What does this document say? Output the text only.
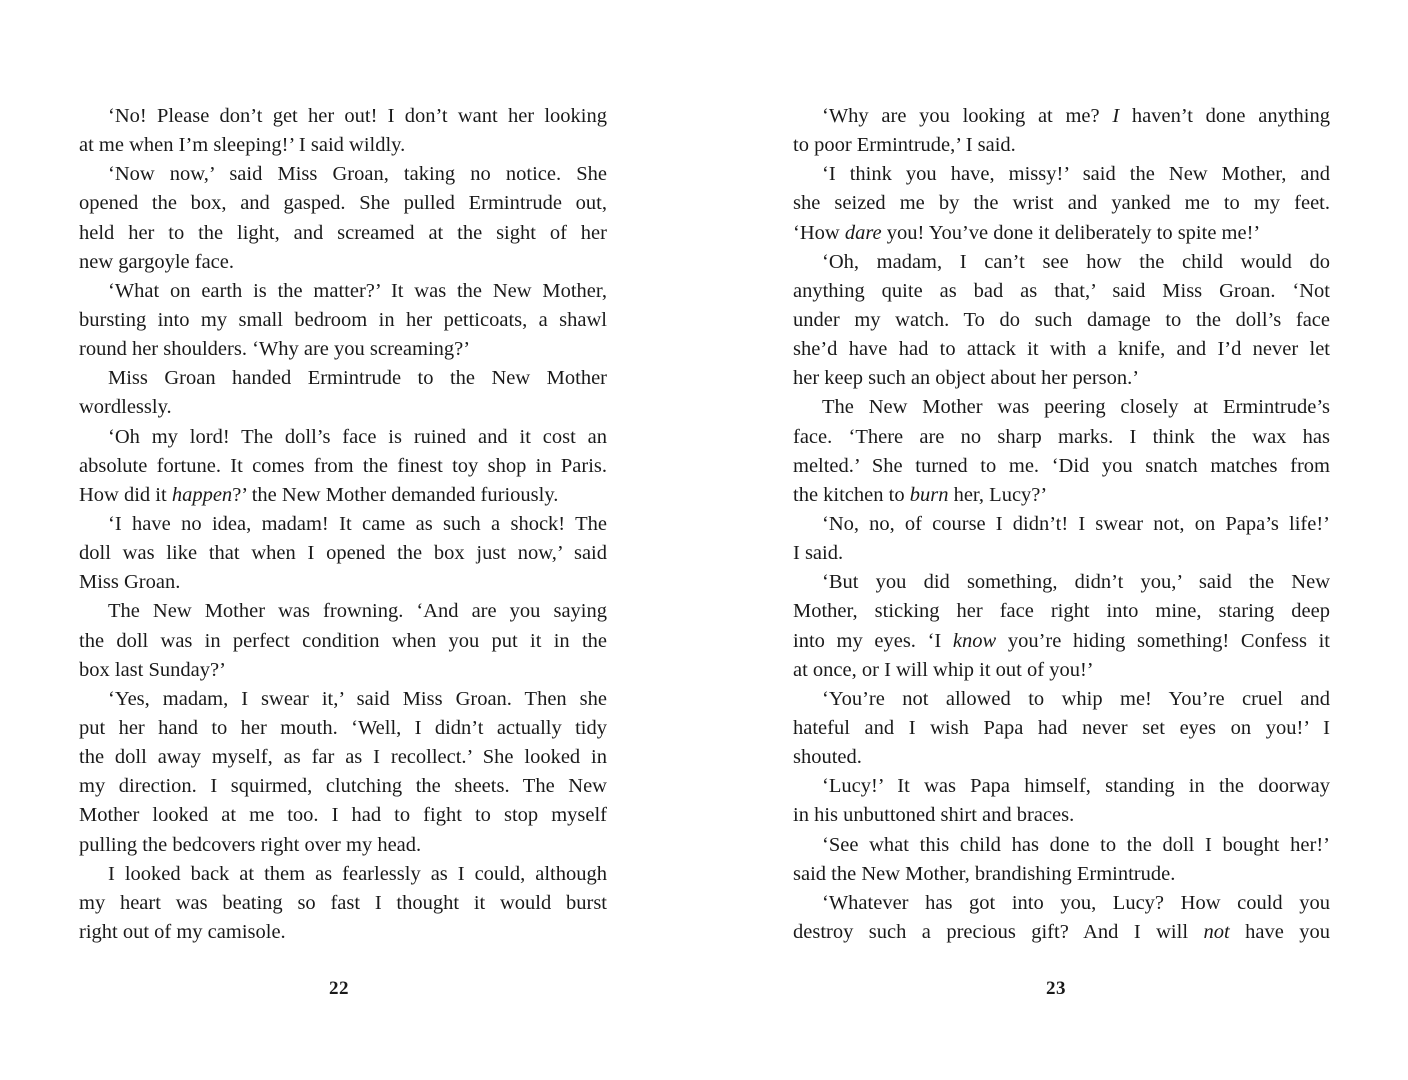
‘No! Please don’t get her out! I don’t want her looking
at me when I’m sleeping!’ I said wildly.
‘Now now,’ said Miss Groan, taking no notice. She
opened the box, and gasped. She pulled Ermintrude out,
held her to the light, and screamed at the sight of her
new gargoyle face.
‘What on earth is the matter?’ It was the New Mother,
bursting into my small bedroom in her petticoats, a shawl
round her shoulders. ‘Why are you screaming?’
Miss Groan handed Ermintrude to the New Mother
wordlessly.
‘Oh my lord! The doll’s face is ruined and it cost an
absolute fortune. It comes from the finest toy shop in Paris.
How did it happen?’ the New Mother demanded furiously.
‘I have no idea, madam! It came as such a shock! The
doll was like that when I opened the box just now,’ said
Miss Groan.
The New Mother was frowning. ‘And are you saying
the doll was in perfect condition when you put it in the
box last Sunday?’
‘Yes, madam, I swear it,’ said Miss Groan. Then she
put her hand to her mouth. ‘Well, I didn’t actually tidy
the doll away myself, as far as I recollect.’ She looked in
my direction. I squirmed, clutching the sheets. The New
Mother looked at me too. I had to fight to stop myself
pulling the bedcovers right over my head.
I looked back at them as fearlessly as I could, although
my heart was beating so fast I thought it would burst
right out of my camisole.
22
‘Why are you looking at me? I haven’t done anything
to poor Ermintrude,’ I said.
‘I think you have, missy!’ said the New Mother, and
she seized me by the wrist and yanked me to my feet.
‘How dare you! You’ve done it deliberately to spite me!’
‘Oh, madam, I can’t see how the child would do
anything quite as bad as that,’ said Miss Groan. ‘Not
under my watch. To do such damage to the doll’s face
she’d have had to attack it with a knife, and I’d never let
her keep such an object about her person.’
The New Mother was peering closely at Ermintrude’s
face. ‘There are no sharp marks. I think the wax has
melted.’ She turned to me. ‘Did you snatch matches from
the kitchen to burn her, Lucy?’
‘No, no, of course I didn’t! I swear not, on Papa’s life!’
I said.
‘But you did something, didn’t you,’ said the New
Mother, sticking her face right into mine, staring deep
into my eyes. ‘I know you’re hiding something! Confess it
at once, or I will whip it out of you!’
‘You’re not allowed to whip me! You’re cruel and
hateful and I wish Papa had never set eyes on you!’ I
shouted.
‘Lucy!’ It was Papa himself, standing in the doorway
in his unbuttoned shirt and braces.
‘See what this child has done to the doll I bought her!’
said the New Mother, brandishing Ermintrude.
‘Whatever has got into you, Lucy? How could you
destroy such a precious gift? And I will not have you
23
